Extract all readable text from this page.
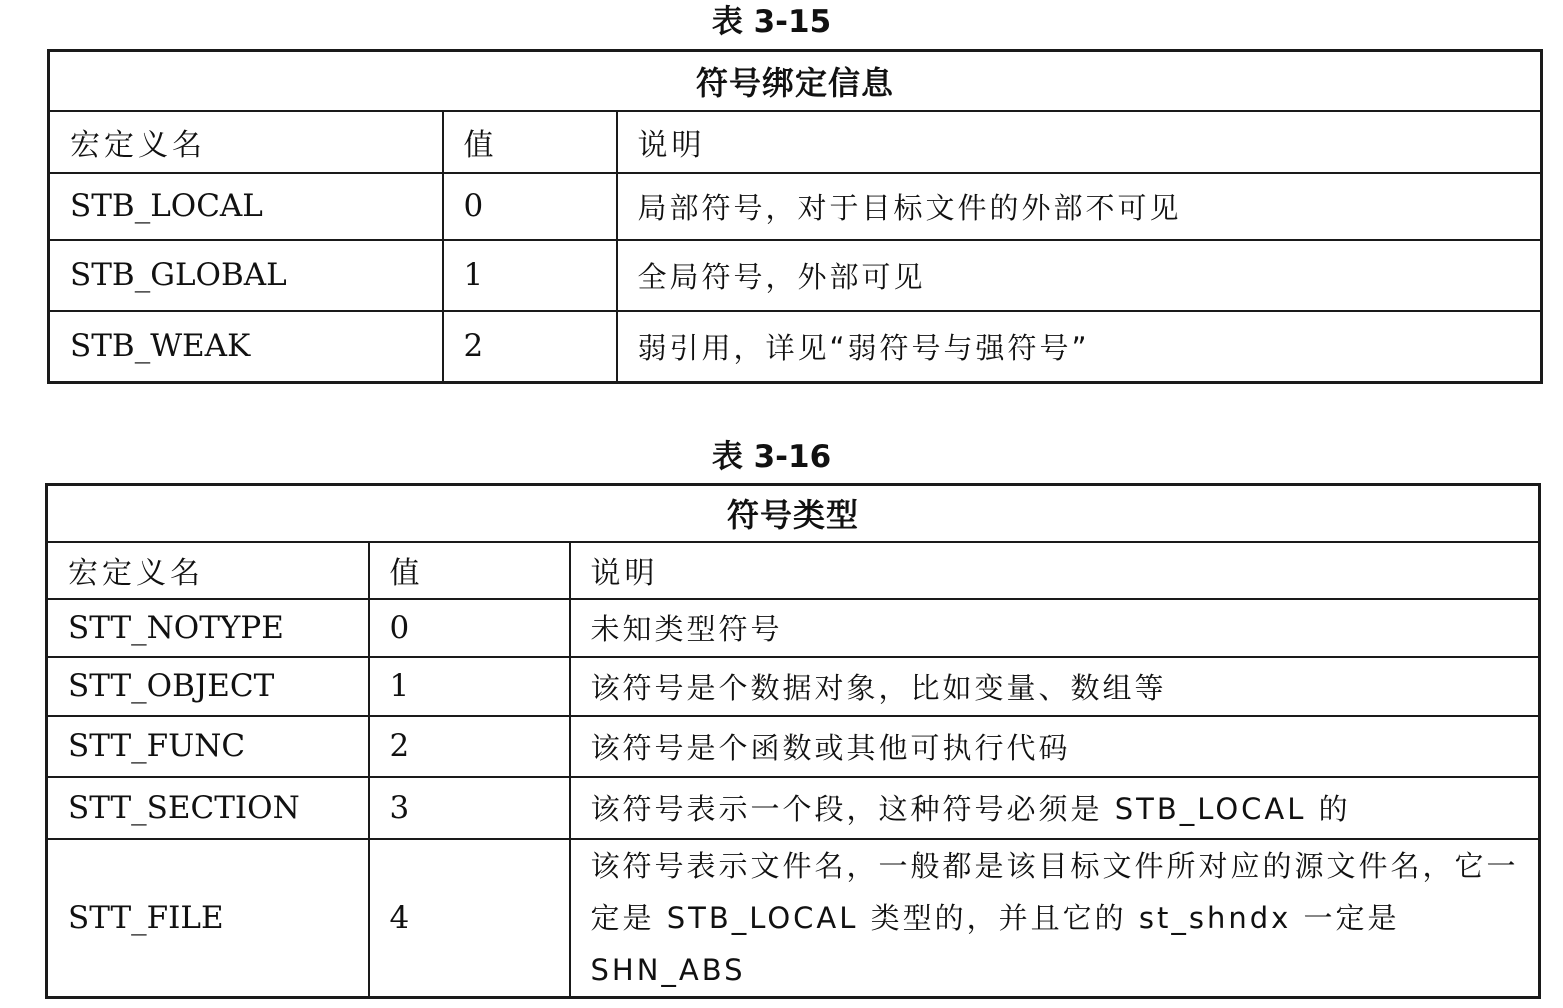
表 3-15
符号绑定信息		
宏定义名	值	说明
STB_LOCAL	0	局部符号，对于目标文件的外部不可见
STB_GLOBAL	1	全局符号，外部可见
STB_WEAK	2	弱引用，详见“弱符号与强符号”
表 3-16
符号类型		
宏定义名	值	说明
STT_NOTYPE	0	未知类型符号
STT_OBJECT	1	该符号是个数据对象，比如变量、数组等
STT_FUNC	2	该符号是个函数或其他可执行代码
STT_SECTION	3	该符号表示一个段，这种符号必须是 STB_LOCAL 的
STT_FILE	4	该符号表示文件名，一般都是该目标文件所对应的源文件名，它一定是 STB_LOCAL 类型的，并且它的 st_shndx 一定是 SHN_ABS
